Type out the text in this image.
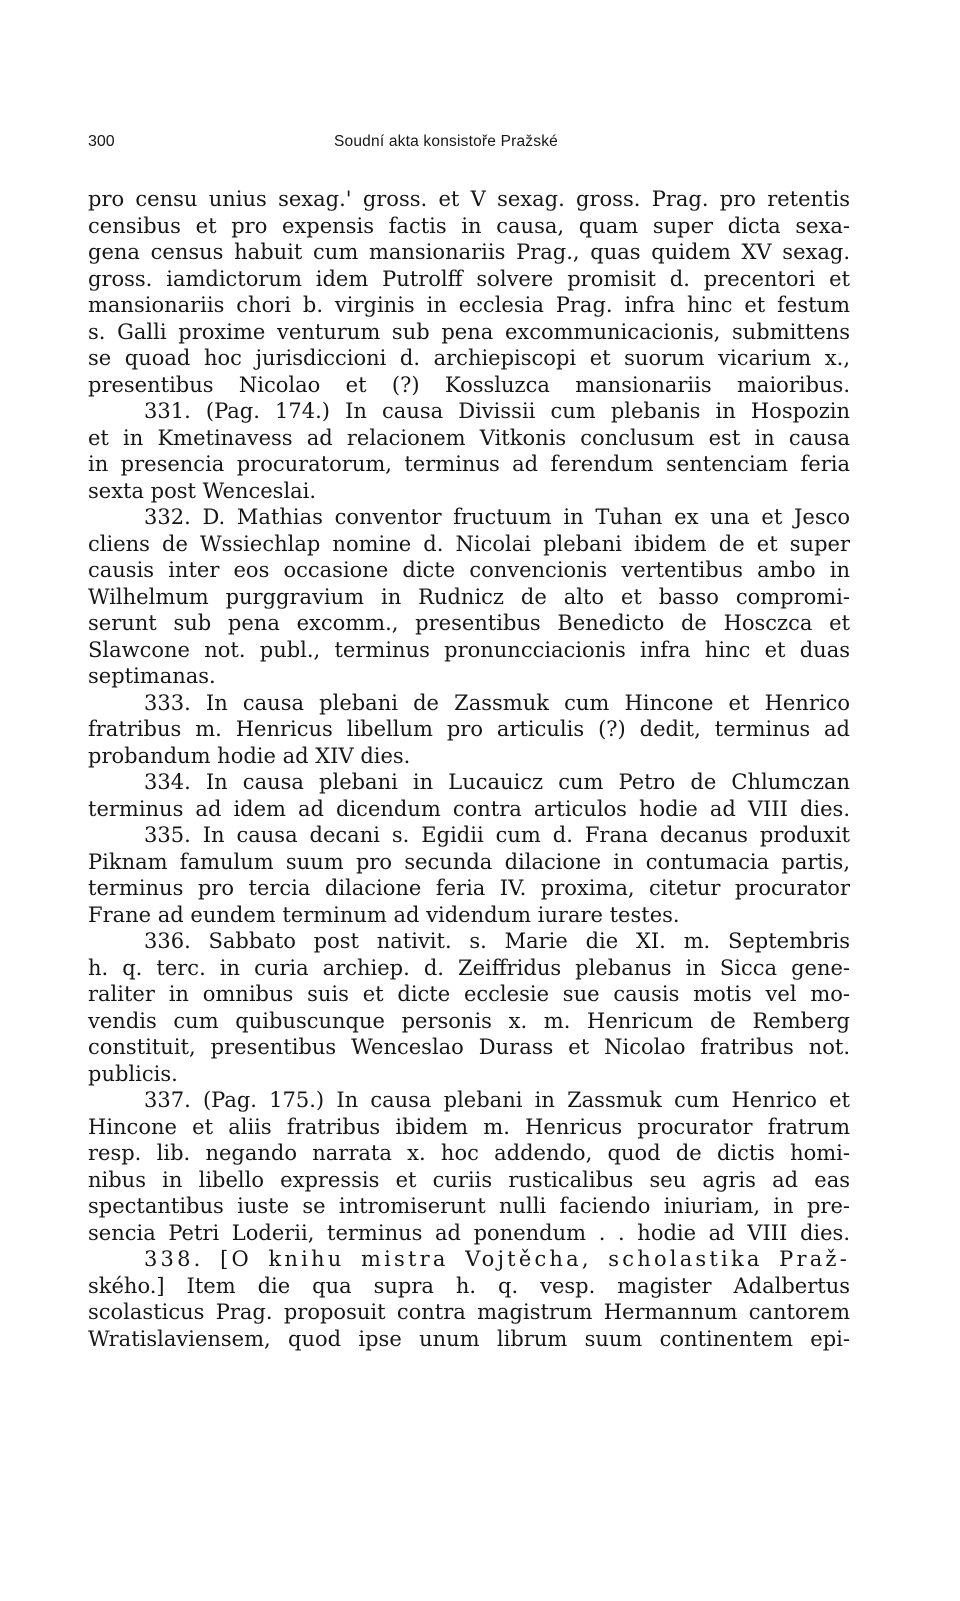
300	Soudní akta konsistoře Pražské
pro censu unius sexag.' gross. et V sexag. gross. Prag. pro retentis
censibus et pro expensis factis in causa, quam super dicta sexa-
gena census habuit cum mansionariis Prag., quas quidem XV sexag.
gross. iamdictorum idem Putrolff solvere promisit d. precentori et
mansionariis chori b. virginis in ecclesia Prag. infra hinc et festum
s. Galli proxime venturum sub pena excommunicacionis, submittens
se quoad hoc jurisdiccioni d. archiepiscopi et suorum vicarium x.,
presentibus Nicolao et (?) Kossluzca mansionariis maioribus.
331. (Pag. 174.) In causa Divissii cum plebanis in Hospozin
et in Kmetinavess ad relacionem Vitkonis conclusum est in causa
in presencia procuratorum, terminus ad ferendum sentenciam feria
sexta post Wenceslai.
332. D. Mathias conventor fructuum in Tuhan ex una et Jesco
cliens de Wssiechlap nomine d. Nicolai plebani ibidem de et super
causis inter eos occasione dicte convencionis vertentibus ambo in
Wilhelmum purggravium in Rudnicz de alto et basso compromi-
serunt sub pena excomm., presentibus Benedicto de Hosczca et
Slawcone not. publ., terminus pronuncciacionis infra hinc et duas
septimanas.
333. In causa plebani de Zassmuk cum Hincone et Henrico
fratribus m. Henricus libellum pro articulis (?) dedit, terminus ad
probandum hodie ad XIV dies.
334. In causa plebani in Lucauicz cum Petro de Chlumczan
terminus ad idem ad dicendum contra articulos hodie ad VIII dies.
335. In causa decani s. Egidii cum d. Frana decanus produxit
Piknam famulum suum pro secunda dilacione in contumacia partis,
terminus pro tercia dilacione feria IV. proxima, citetur procurator
Frane ad eundem terminum ad videndum iurare testes.
336. Sabbato post nativit. s. Marie die XI. m. Septembris
h. q. terc. in curia archiep. d. Zeiffridus plebanus in Sicca gene-
raliter in omnibus suis et dicte ecclesie sue causis motis vel mo-
vendis cum quibuscunque personis x. m. Henricum de Remberg
constituit, presentibus Wenceslao Durass et Nicolao fratribus not.
publicis.
337. (Pag. 175.) In causa plebani in Zassmuk cum Henrico et
Hincone et aliis fratribus ibidem m. Henricus procurator fratrum
resp. lib. negando narrata x. hoc addendo, quod de dictis homi-
nibus in libello expressis et curiis rusticalibus seu agris ad eas
spectantibus iuste se intromiserunt nulli faciendo iniuriam, in pre-
sencia Petri Loderii, terminus ad ponendum . . hodie ad VIII dies.
338. [O knihu mistra Vojtěcha, scholastika Praž-
ského.] Item die qua supra h. q. vesp. magister Adalbertus
scolasticus Prag. proposuit contra magistrum Hermannum cantorem
Wratislaviensem, quod ipse unum librum suum continentem epi-
